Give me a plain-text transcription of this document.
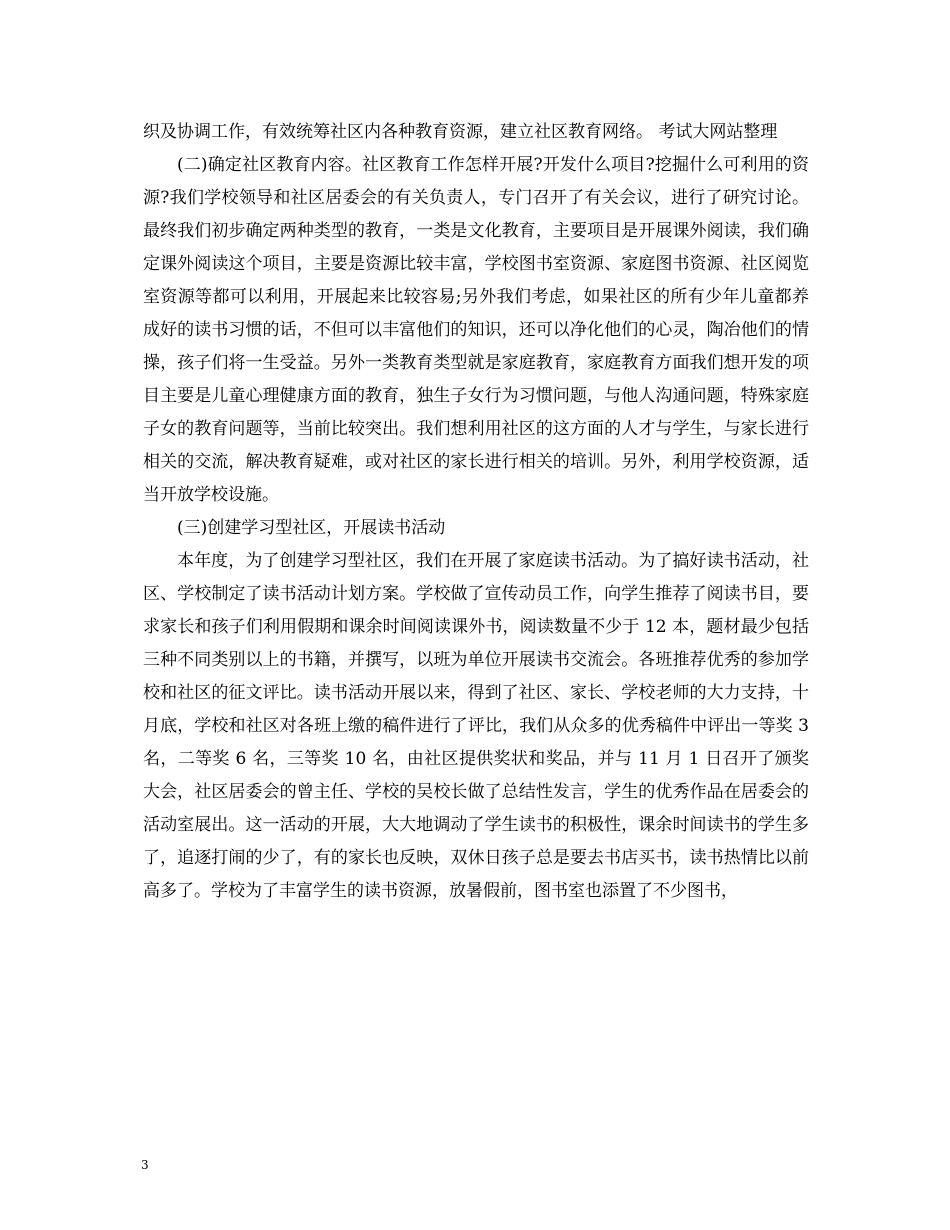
织及协调工作，有效统筹社区内各种教育资源，建立社区教育网络。 考试大网站整理

(二)确定社区教育内容。社区教育工作怎样开展?开发什么项目?挖掘什么可利用的资源?我们学校领导和社区居委会的有关负责人，专门召开了有关会议，进行了研究讨论。最终我们初步确定两种类型的教育，一类是文化教育，主要项目是开展课外阅读，我们确定课外阅读这个项目，主要是资源比较丰富，学校图书室资源、家庭图书资源、社区阅览室资源等都可以利用，开展起来比较容易;另外我们考虑，如果社区的所有少年儿童都养成好的读书习惯的话，不但可以丰富他们的知识，还可以净化他们的心灵，陶冶他们的情操，孩子们将一生受益。另外一类教育类型就是家庭教育，家庭教育方面我们想开发的项目主要是儿童心理健康方面的教育，独生子女行为习惯问题，与他人沟通问题，特殊家庭子女的教育问题等，当前比较突出。我们想利用社区的这方面的人才与学生，与家长进行相关的交流，解决教育疑难，或对社区的家长进行相关的培训。另外，利用学校资源，适当开放学校设施。

(三)创建学习型社区，开展读书活动

本年度，为了创建学习型社区，我们在开展了家庭读书活动。为了搞好读书活动，社区、学校制定了读书活动计划方案。学校做了宣传动员工作，向学生推荐了阅读书目，要求家长和孩子们利用假期和课余时间阅读课外书，阅读数量不少于 12 本，题材最少包括三种不同类别以上的书籍，并撰写，以班为单位开展读书交流会。各班推荐优秀的参加学校和社区的征文评比。读书活动开展以来，得到了社区、家长、学校老师的大力支持，十月底，学校和社区对各班上缴的稿件进行了评比，我们从众多的优秀稿件中评出一等奖 3 名，二等奖 6 名，三等奖 10 名，由社区提供奖状和奖品，并与 11 月 1 日召开了颁奖大会，社区居委会的曾主任、学校的吴校长做了总结性发言，学生的优秀作品在居委会的活动室展出。这一活动的开展，大大地调动了学生读书的积极性，课余时间读书的学生多了，追逐打闹的少了，有的家长也反映，双休日孩子总是要去书店买书，读书热情比以前高多了。学校为了丰富学生的读书资源，放暑假前，图书室也添置了不少图书，

3
